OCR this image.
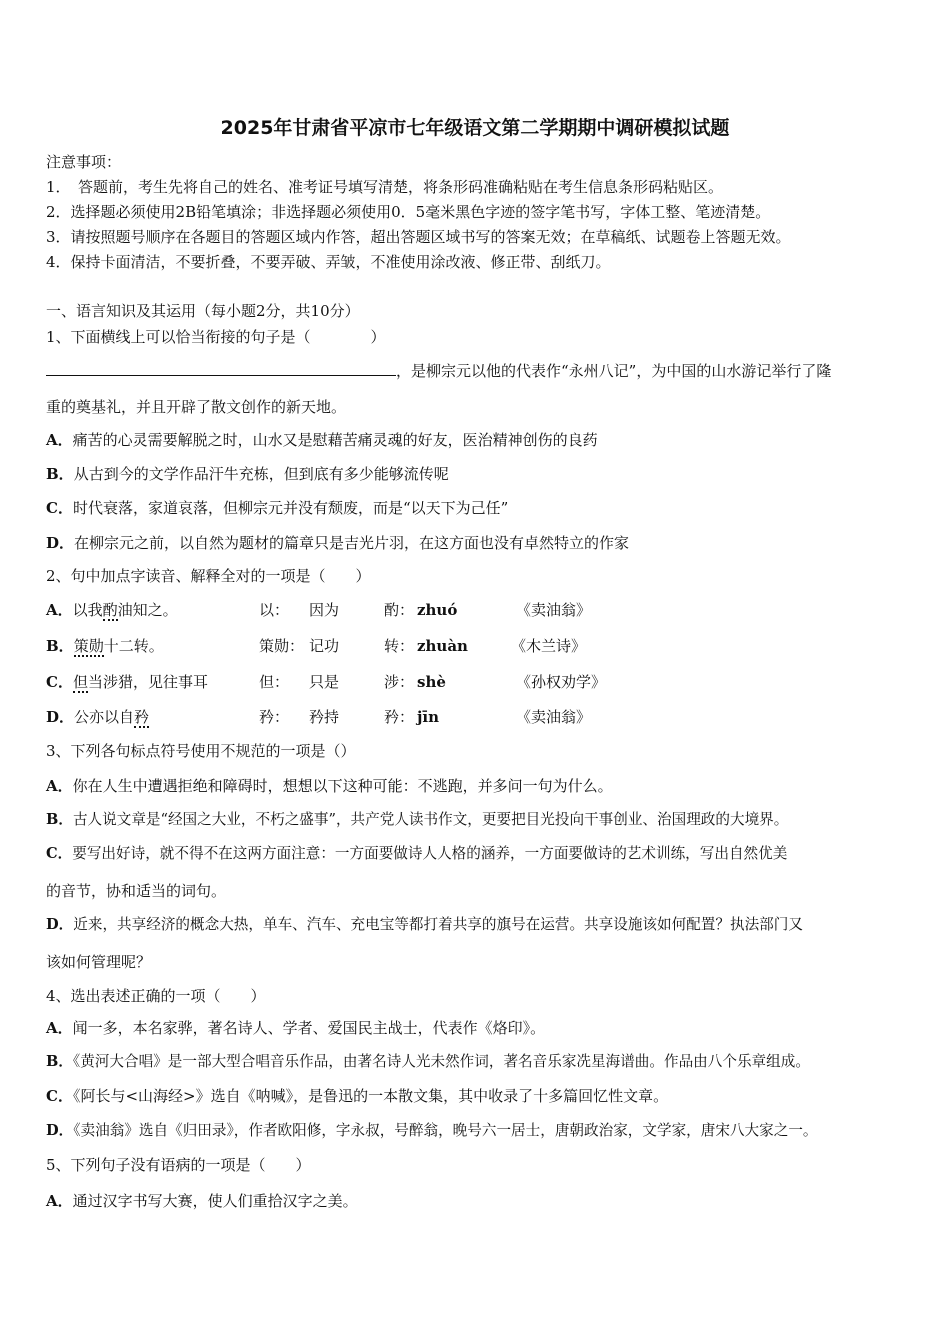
2025年甘肃省平凉市七年级语文第二学期期中调研模拟试题
注意事项：
1．　答题前，考生先将自己的姓名、准考证号填写清楚，将条形码准确粘贴在考生信息条形码粘贴区。
2．选择题必须使用2B铅笔填涂；非选择题必须使用0．5毫米黑色字迹的签字笔书写，字体工整、笔迹清楚。
3．请按照题号顺序在各题目的答题区域内作答，超出答题区域书写的答案无效；在草稿纸、试题卷上答题无效。
4．保持卡面清洁，不要折叠，不要弄破、弄皱，不准使用涂改液、修正带、刮纸刀。
一、语言知识及其运用（每小题2分，共10分）
1、下面横线上可以恰当衔接的句子是（	）
，是柳宗元以他的代表作“永州八记”，为中国的山水游记举行了隆
重的奠基礼，并且开辟了散文创作的新天地。
A．痛苦的心灵需要解脱之时，山水又是慰藉苦痛灵魂的好友，医治精神创伤的良药
B．从古到今的文学作品汗牛充栋，但到底有多少能够流传呢
C．时代衰落，家道哀落，但柳宗元并没有颓废，而是“以天下为己任”
D．在柳宗元之前，以自然为题材的篇章只是吉光片羽，在这方面也没有卓然特立的作家
2、句中加点字读音、解释全对的一项是（　　）
A．以我酌油知之。	以： 因为	酌： zhuó	《卖油翁》
B．策勋十二转。	策勋： 记功	转： zhuàn	《木兰诗》
C．但当涉猎，见往事耳	但： 只是	涉： shè	《孙权劝学》
D．公亦以自矜	矜： 矜持	矜： jīn	《卖油翁》
3、下列各句标点符号使用不规范的一项是（）
A．你在人生中遭遇拒绝和障碍时，想想以下这种可能：不逃跑，并多问一句为什么。
B．古人说文章是“经国之大业，不朽之盛事”，共产党人读书作文，更要把目光投向干事创业、治国理政的大境界。
C．要写出好诗，就不得不在这两方面注意：一方面要做诗人人格的涵养，一方面要做诗的艺术训练，写出自然优美
的音节，协和适当的词句。
D．近来，共享经济的概念大热，单车、汽车、充电宝等都打着共享的旗号在运营。共享设施该如何配置？执法部门又
该如何管理呢？
4、选出表述正确的一项（　　）
A．闻一多，本名家骅，著名诗人、学者、爱国民主战士，代表作《烙印》。
B．《黄河大合唱》是一部大型合唱音乐作品，由著名诗人光未然作词，著名音乐家冼星海谱曲。作品由八个乐章组成。
C．《阿长与<山海经>》选自《呐喊》，是鲁迅的一本散文集，其中收录了十多篇回忆性文章。
D．《卖油翁》选自《归田录》，作者欧阳修，字永叔，号醉翁，晚号六一居士，唐朝政治家，文学家，唐宋八大家之一。
5、下列句子没有语病的一项是（　　）
A．通过汉字书写大赛，使人们重拾汉字之美。
